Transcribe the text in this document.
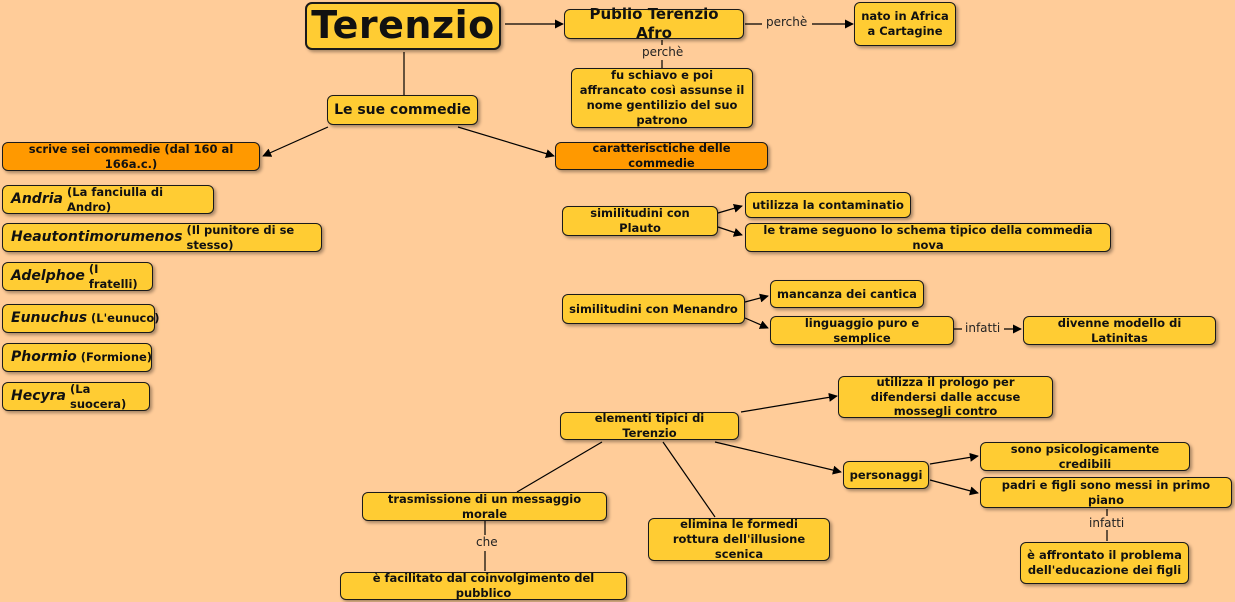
perchè
perchè
infatti
infatti
che
Terenzio	Publio Terenzio Afro
nato in Africa a Cartagine
fu schiavo e poi affrancato così assunse il nome gentilizio del suo patrono
Le sue commedie
scrive sei commedie (dal 160 al 166a.c.)
caratterisctiche delle commedie
Andria
(La fanciulla di Andro)
Heautontimorumenos
(Il punitore di se stesso)
Adelphoe
(I fratelli)
Eunuchus
(L'eunuco)
Phormio
(Formione)
Hecyra
(La suocera)
similitudini con Plauto
utilizza la contaminatio
le trame seguono lo schema tipico della commedia nova
similitudini con Menandro
mancanza dei cantica
linguaggio puro e semplice
divenne modello di Latinitas
elementi tipici di Terenzio
utilizza il prologo per difendersi dalle accuse mossegli contro
personaggi
sono psicologicamente credibili
padri e figli sono messi in primo piano
è affrontato il problema dell'educazione dei figli
trasmissione di un messaggio morale
è facilitato dal coinvolgimento del pubblico
elimina le formedi rottura dell'illusione scenica
